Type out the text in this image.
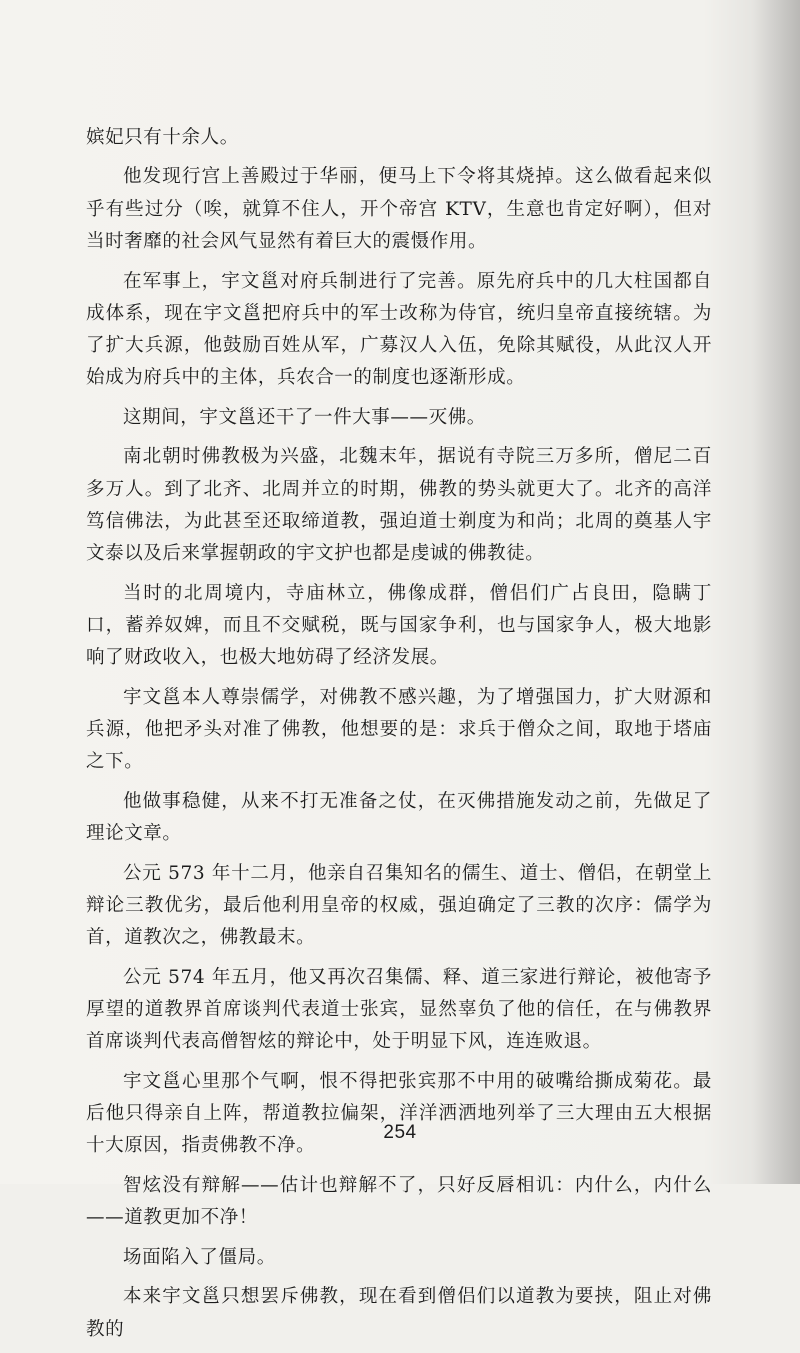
嫔妃只有十余人。

他发现行宫上善殿过于华丽，便马上下令将其烧掉。这么做看起来似乎有些过分（唉，就算不住人，开个帝宫 KTV，生意也肯定好啊），但对当时奢靡的社会风气显然有着巨大的震慑作用。

在军事上，宇文邕对府兵制进行了完善。原先府兵中的几大柱国都自成体系，现在宇文邕把府兵中的军士改称为侍官，统归皇帝直接统辖。为了扩大兵源，他鼓励百姓从军，广募汉人入伍，免除其赋役，从此汉人开始成为府兵中的主体，兵农合一的制度也逐渐形成。

这期间，宇文邕还干了一件大事——灭佛。

南北朝时佛教极为兴盛，北魏末年，据说有寺院三万多所，僧尼二百多万人。到了北齐、北周并立的时期，佛教的势头就更大了。北齐的高洋笃信佛法，为此甚至还取缔道教，强迫道士剃度为和尚；北周的奠基人宇文泰以及后来掌握朝政的宇文护也都是虔诚的佛教徒。

当时的北周境内，寺庙林立，佛像成群，僧侣们广占良田，隐瞒丁口，蓄养奴婢，而且不交赋税，既与国家争利，也与国家争人，极大地影响了财政收入，也极大地妨碍了经济发展。

宇文邕本人尊崇儒学，对佛教不感兴趣，为了增强国力，扩大财源和兵源，他把矛头对准了佛教，他想要的是：求兵于僧众之间，取地于塔庙之下。

他做事稳健，从来不打无准备之仗，在灭佛措施发动之前，先做足了理论文章。

公元 573 年十二月，他亲自召集知名的儒生、道士、僧侣，在朝堂上辩论三教优劣，最后他利用皇帝的权威，强迫确定了三教的次序：儒学为首，道教次之，佛教最末。

公元 574 年五月，他又再次召集儒、释、道三家进行辩论，被他寄予厚望的道教界首席谈判代表道士张宾，显然辜负了他的信任，在与佛教界首席谈判代表高僧智炫的辩论中，处于明显下风，连连败退。

宇文邕心里那个气啊，恨不得把张宾那不中用的破嘴给撕成菊花。最后他只得亲自上阵，帮道教拉偏架，洋洋洒洒地列举了三大理由五大根据十大原因，指责佛教不净。

智炫没有辩解——估计也辩解不了，只好反唇相讥：内什么，内什么——道教更加不净！

场面陷入了僵局。

本来宇文邕只想罢斥佛教，现在看到僧侣们以道教为要挟，阻止对佛教的

254
